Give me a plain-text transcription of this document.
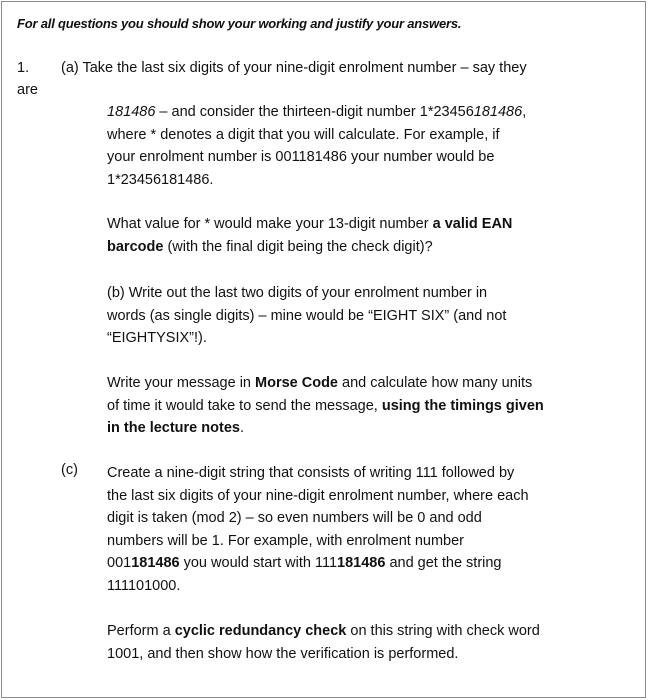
For all questions you should show your working and justify your answers.
1. (a) Take the last six digits of your nine-digit enrolment number – say they
are
181486 – and consider the thirteen-digit number 1*23456181486,
where * denotes a digit that you will calculate. For example, if
your enrolment number is 001181486 your number would be
1*23456181486.
What value for * would make your 13-digit number a valid EAN
barcode (with the final digit being the check digit)?
(b) Write out the last two digits of your enrolment number in
words (as single digits) – mine would be “EIGHT SIX” (and not
“EIGHTYSIX”!).
Write your message in Morse Code and calculate how many units
of time it would take to send the message, using the timings given
in the lecture notes.
(c) Create a nine-digit string that consists of writing 111 followed by
the last six digits of your nine-digit enrolment number, where each
digit is taken (mod 2) – so even numbers will be 0 and odd
numbers will be 1. For example, with enrolment number
001181486 you would start with 111181486 and get the string
111101000.
Perform a cyclic redundancy check on this string with check word
1001, and then show how the verification is performed.
